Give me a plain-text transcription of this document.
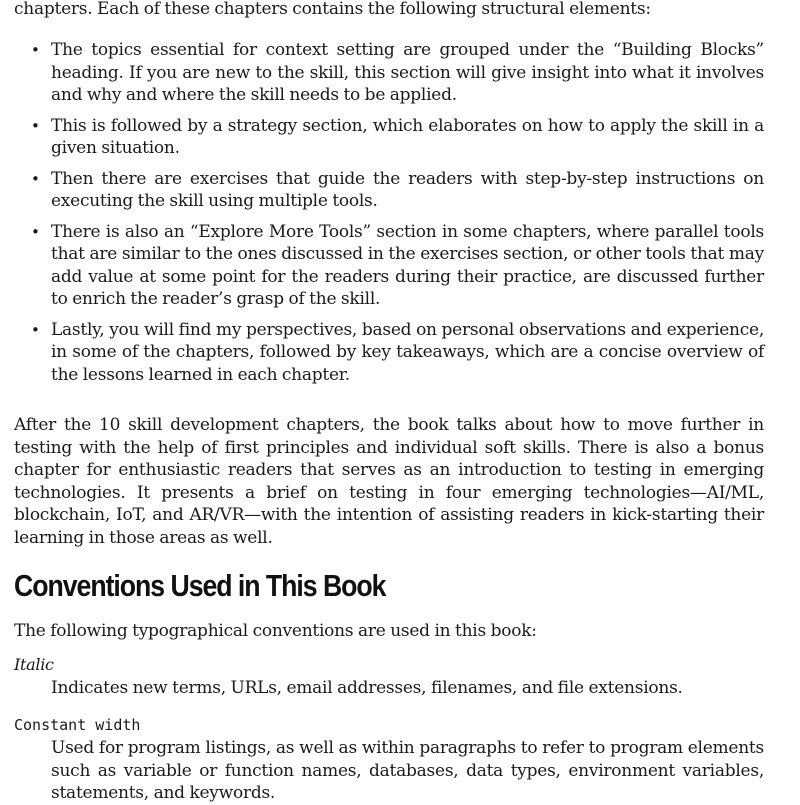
chapters. Each of these chapters contains the following structural elements:

• The topics essential for context setting are grouped under the “Building Blocks” heading. If you are new to the skill, this section will give insight into what it involves and why and where the skill needs to be applied.
• This is followed by a strategy section, which elaborates on how to apply the skill in a given situation.
• Then there are exercises that guide the readers with step-by-step instructions on executing the skill using multiple tools.
• There is also an “Explore More Tools” section in some chapters, where parallel tools that are similar to the ones discussed in the exercises section, or other tools that may add value at some point for the readers during their practice, are discussed further to enrich the reader’s grasp of the skill.
• Lastly, you will find my perspectives, based on personal observations and experience, in some of the chapters, followed by key takeaways, which are a concise overview of the lessons learned in each chapter.

After the 10 skill development chapters, the book talks about how to move further in testing with the help of first principles and individual soft skills. There is also a bonus chapter for enthusiastic readers that serves as an introduction to testing in emerging technologies. It presents a brief on testing in four emerging technologies—AI/ML, blockchain, IoT, and AR/VR—with the intention of assisting readers in kick-starting their learning in those areas as well.

Conventions Used in This Book

The following typographical conventions are used in this book:

Italic

Indicates new terms, URLs, email addresses, filenames, and file extensions.

Constant width

Used for program listings, as well as within paragraphs to refer to program elements such as variable or function names, databases, data types, environment variables, statements, and keywords.
